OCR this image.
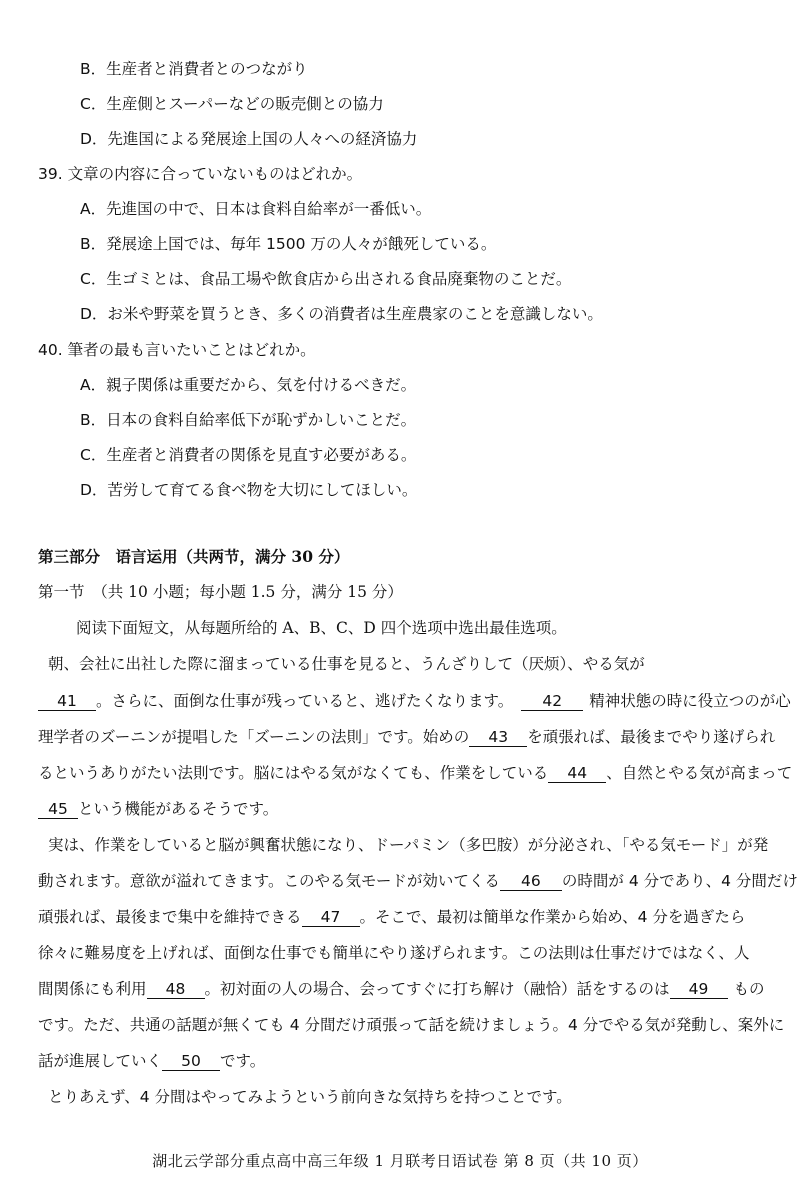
B．生産者と消費者とのつながり
C．生産側とスーパーなどの販売側との協力
D．先進国による発展途上国の人々への経済協力
39. 文章の内容に合っていないものはどれか。
A．先進国の中で、日本は食料自給率が一番低い。
B．発展途上国では、毎年 1500 万の人々が餓死している。
C．生ゴミとは、食品工場や飲食店から出される食品廃棄物のことだ。
D．お米や野菜を買うとき、多くの消費者は生産農家のことを意識しない。
40. 筆者の最も言いたいことはどれか。
A．親子関係は重要だから、気を付けるべきだ。
B．日本の食料自給率低下が恥ずかしいことだ。
C．生産者と消費者の関係を見直す必要がある。
D．苦労して育てる食べ物を大切にしてほしい。
第三部分　语言运用（共两节，满分 30 分）
第一节　（共 10 小题；每小题 1.5 分，满分 15 分）
阅读下面短文，从每题所给的 A、B、C、D 四个选项中选出最佳选项。
朝、会社に出社した際に溜まっている仕事を見ると、うんざりして（厌烦）、やる気が
41 。さらに、面倒な仕事が残っていると、逃げたくなります。 42 精神状態の時に役立つのが心
理学者のズーニンが提唱した「ズーニンの法則」です。始めの 43 を頑張れば、最後までやり遂げられ
るというありがたい法則です。脳にはやる気がなくても、作業をしている 44 、自然とやる気が高まって
45 という機能があるそうです。
実は、作業をしていると脳が興奮状態になり、ドーパミン（多巴胺）が分泌され、「やる気モード」が発
動されます。意欲が溢れてきます。このやる気モードが効いてくる 46 の時間が 4 分であり、4 分間だけ
頑張れば、最後まで集中を維持できる 47 。そこで、最初は簡単な作業から始め、4 分を過ぎたら
徐々に難易度を上げれば、面倒な仕事でも簡単にやり遂げられます。この法則は仕事だけではなく、人
間関係にも利用 48 。初対面の人の場合、会ってすぐに打ち解け（融恰）話をするのは 49 もの
です。ただ、共通の話題が無くても 4 分間だけ頑張って話を続けましょう。4 分でやる気が発動し、案外に
話が進展していく 50 です。
とりあえず、4 分間はやってみようという前向きな気持ちを持つことです。
湖北云学部分重点高中高三年级 1 月联考日语试卷 第 8 页（共 10 页）
